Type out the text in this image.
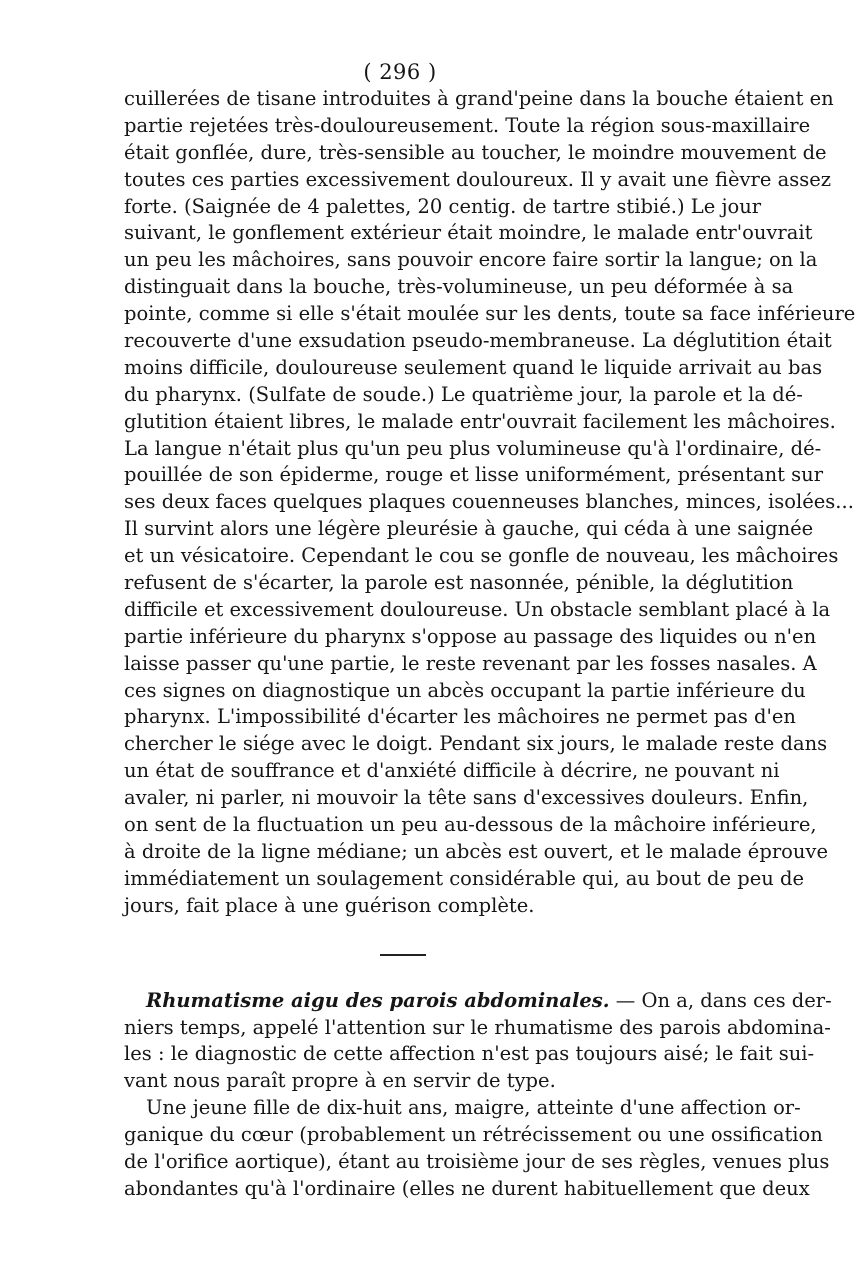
( 296 )
cuillerées de tisane introduites à grand'peine dans la bouche étaient en
partie rejetées très-douloureusement. Toute la région sous-maxillaire
était gonflée, dure, très-sensible au toucher, le moindre mouvement de
toutes ces parties excessivement douloureux. Il y avait une fièvre assez
forte. (Saignée de 4 palettes, 20 centig. de tartre stibié.) Le jour
suivant, le gonflement extérieur était moindre, le malade entr'ouvrait
un peu les mâchoires, sans pouvoir encore faire sortir la langue; on la
distinguait dans la bouche, très-volumineuse, un peu déformée à sa
pointe, comme si elle s'était moulée sur les dents, toute sa face inférieure
recouverte d'une exsudation pseudo-membraneuse. La déglutition était
moins difficile, douloureuse seulement quand le liquide arrivait au bas
du pharynx. (Sulfate de soude.) Le quatrième jour, la parole et la dé-
glutition étaient libres, le malade entr'ouvrait facilement les mâchoires.
La langue n'était plus qu'un peu plus volumineuse qu'à l'ordinaire, dé-
pouillée de son épiderme, rouge et lisse uniformément, présentant sur
ses deux faces quelques plaques couenneuses blanches, minces, isolées...
Il survint alors une légère pleurésie à gauche, qui céda à une saignée
et un vésicatoire. Cependant le cou se gonfle de nouveau, les mâchoires
refusent de s'écarter, la parole est nasonnée, pénible, la déglutition
difficile et excessivement douloureuse. Un obstacle semblant placé à la
partie inférieure du pharynx s'oppose au passage des liquides ou n'en
laisse passer qu'une partie, le reste revenant par les fosses nasales. A
ces signes on diagnostique un abcès occupant la partie inférieure du
pharynx. L'impossibilité d'écarter les mâchoires ne permet pas d'en
chercher le siége avec le doigt. Pendant six jours, le malade reste dans
un état de souffrance et d'anxiété difficile à décrire, ne pouvant ni
avaler, ni parler, ni mouvoir la tête sans d'excessives douleurs. Enfin,
on sent de la fluctuation un peu au-dessous de la mâchoire inférieure,
à droite de la ligne médiane; un abcès est ouvert, et le malade éprouve
immédiatement un soulagement considérable qui, au bout de peu de
jours, fait place à une guérison complète.
Rhumatisme aigu des parois abdominales. — On a, dans ces der-
niers temps, appelé l'attention sur le rhumatisme des parois abdomina-
les : le diagnostic de cette affection n'est pas toujours aisé; le fait sui-
vant nous paraît propre à en servir de type.
Une jeune fille de dix-huit ans, maigre, atteinte d'une affection or-
ganique du cœur (probablement un rétrécissement ou une ossification
de l'orifice aortique), étant au troisième jour de ses règles, venues plus
abondantes qu'à l'ordinaire (elles ne durent habituellement que deux
